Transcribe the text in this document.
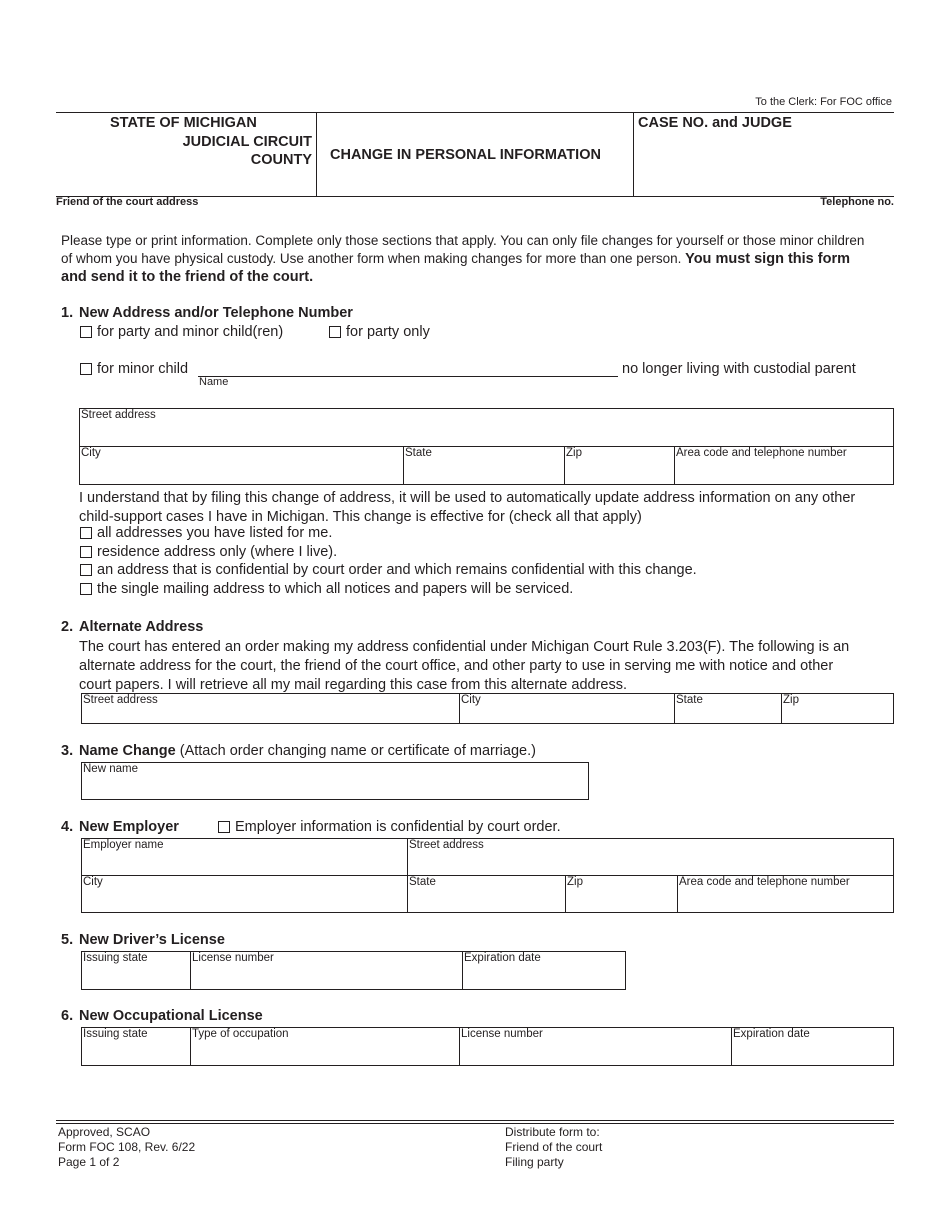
To the Clerk: For FOC office
STATE OF MICHIGAN
JUDICIAL CIRCUIT
COUNTY CHANGE IN PERSONAL INFORMATION
CASE NO. and JUDGE
Friend of the court address	Telephone no.
Please type or print information. Complete only those sections that apply. You can only file changes for yourself or those minor children
of whom you have physical custody. Use another form when making changes for more than one person. You must sign this form
and send it to the friend of the court.
1. New Address and/or Telephone Number
for party and minor child(ren)	for party only
for minor child
Name
no longer living with custodial parent
Street address
City	State	Zip	Area code and telephone number
I understand that by filing this change of address, it will be used to automatically update address information on any other
child-support cases I have in Michigan. This change is effective for (check all that apply)
all addresses you have listed for me.
residence address only (where I live).
an address that is confidential by court order and which remains confidential with this change.
the single mailing address to which all notices and papers will be serviced.
2. Alternate Address
The court has entered an order making my address confidential under Michigan Court Rule 3.203(F). The following is an
alternate address for the court, the friend of the court office, and other party to use in serving me with notice and other
court papers. I will retrieve all my mail regarding this case from this alternate address.
Street address	City	State	Zip
3. Name Change (Attach order changing name or certificate of marriage.)
New name
4. New Employer	Employer information is confidential by court order.
Employer name	Street address
City	State	Zip	Area code and telephone number
5. New Driver’s License
Issuing state	License number	Expiration date
6. New Occupational License
Issuing state	Type of occupation	License number	Expiration date
Approved, SCAO
Form FOC 108, Rev. 6/22
Page 1 of 2
Distribute form to:
Friend of the court
Filing party
